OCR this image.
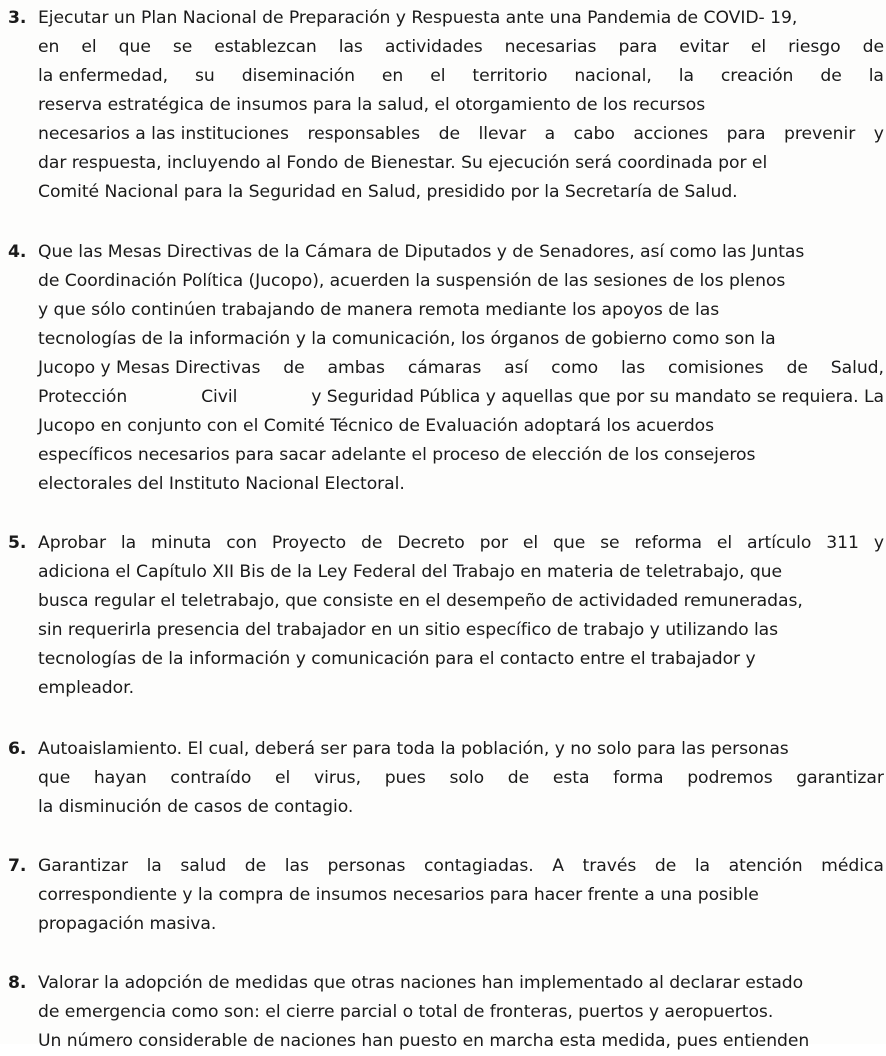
3. Ejecutar un Plan Nacional de Preparación y Respuesta ante una Pandemia de COVID- 19,
en el que se establezcan las actividades necesarias para evitar el riesgo de
la enfermedad, su diseminación en el territorio nacional, la creación de la
reserva estratégica de insumos para la salud, el otorgamiento de los recursos
necesarios a las instituciones responsables de llevar a cabo acciones para prevenir y
dar respuesta, incluyendo al Fondo de Bienestar. Su ejecución será coordinada por el
Comité Nacional para la Seguridad en Salud, presidido por la Secretaría de Salud.
4. Que las Mesas Directivas de la Cámara de Diputados y de Senadores, así como las Juntas
de Coordinación Política (Jucopo), acuerden la suspensión de las sesiones de los plenos
y que sólo continúen trabajando de manera remota mediante los apoyos de las
tecnologías de la información y la comunicación, los órganos de gobierno como son la
Jucopo y Mesas Directivas de ambas cámaras así como las comisiones de Salud,
Protección	Civil	y Seguridad Pública y aquellas que por su mandato se requiera. La
Jucopo en conjunto con el Comité Técnico de Evaluación adoptará los acuerdos
específicos necesarios para sacar adelante el proceso de elección de los consejeros
electorales del Instituto Nacional Electoral.
5. Aprobar la minuta con Proyecto de Decreto por el que se reforma el artículo 311 y
adiciona el Capítulo XII Bis de la Ley Federal del Trabajo en materia de teletrabajo, que
busca regular el teletrabajo, que consiste en el desempeño de actividaded remuneradas,
sin requerirla presencia del trabajador en un sitio específico de trabajo y utilizando las
tecnologías de la información y comunicación para el contacto entre el trabajador y
empleador.
6. Autoaislamiento. El cual, deberá ser para toda la población, y no solo para las personas
que hayan contraído el virus, pues solo de esta forma podremos garantizar
la disminución de casos de contagio.
7. Garantizar la salud de las personas contagiadas. A través de la atención médica
correspondiente y la compra de insumos necesarios para hacer frente a una posible
propagación masiva.
8. Valorar la adopción de medidas que otras naciones han implementado al declarar estado
de emergencia como son: el cierre parcial o total de fronteras, puertos y aeropuertos.
Un número considerable de naciones han puesto en marcha esta medida, pues entienden
